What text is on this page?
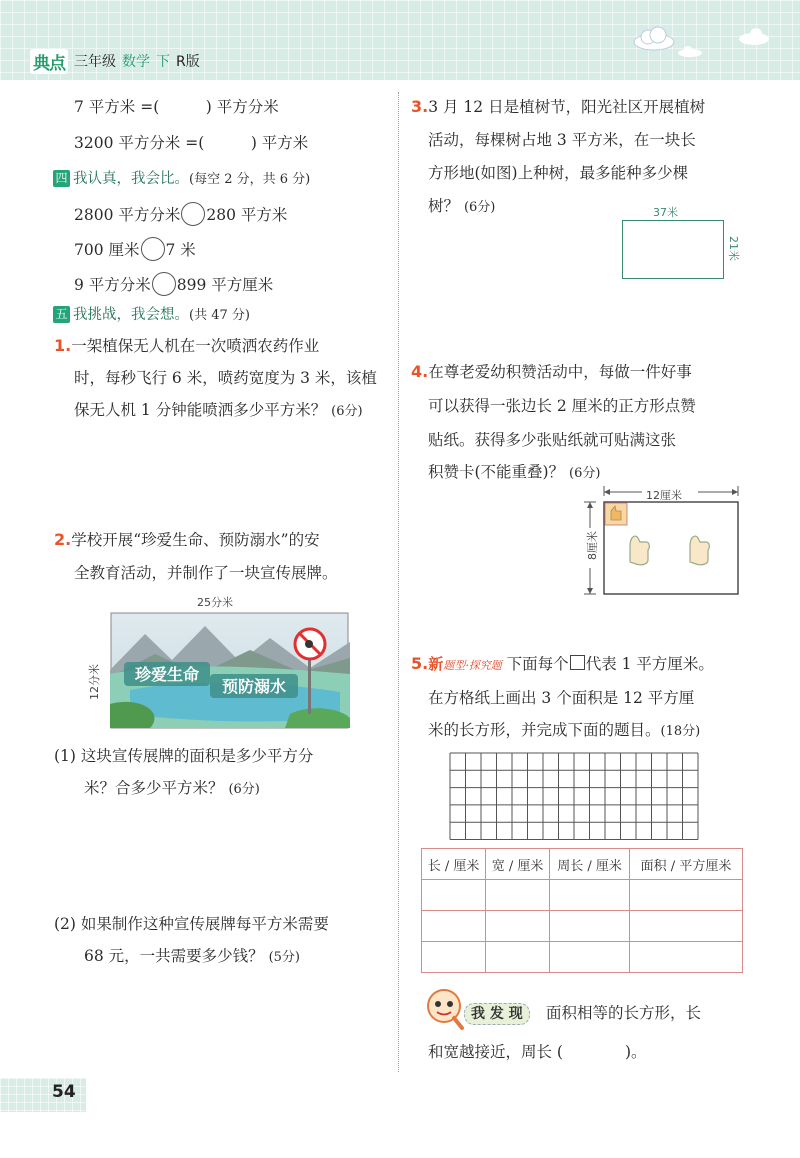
典点 三年级 数学 下 R版
7 平方米 =(　　　) 平方分米
3200 平方分米 =(　　　) 平方米
四 我认真，我会比。(每空 2 分，共 6 分)
2800 平方分米 280 平方米
700 厘米 7 米
9 平方分米 899 平方厘米
五 我挑战，我会想。(共 47 分)
1.一架植保无人机在一次喷洒农药作业
时，每秒飞行 6 米，喷药宽度为 3 米，该植
保无人机 1 分钟能喷洒多少平方米？ (6分)
2.学校开展“珍爱生命、预防溺水”的安
全教育活动，并制作了一块宣传展牌。
25分米
12分米 珍爱生命
预防溺水
(1) 这块宣传展牌的面积是多少平方分
米？合多少平方米？ (6分)
(2) 如果制作这种宣传展牌每平方米需要
68 元，一共需要多少钱？ (5分)
3.3 月 12 日是植树节，阳光社区开展植树
活动，每棵树占地 3 平方米，在一块长
方形地(如图)上种树，最多能种多少棵
树？ (6分)	37米
21米
4.在尊老爱幼积赞活动中，每做一件好事
可以获得一张边长 2 厘米的正方形点赞
贴纸。获得多少张贴纸就可贴满这张
积赞卡(不能重叠)？ (6分)
12厘米
8厘米
5.新题型·探究题 下面每个 代表 1 平方厘米。
在方格纸上画出 3 个面积是 12 平方厘
米的长方形，并完成下面的题目。(18分)
长 / 厘米	宽 / 厘米	周长 / 厘米	面积 / 平方厘米

我 发 现	面积相等的长方形，长
和宽越接近，周长 (　　　　)。
54
